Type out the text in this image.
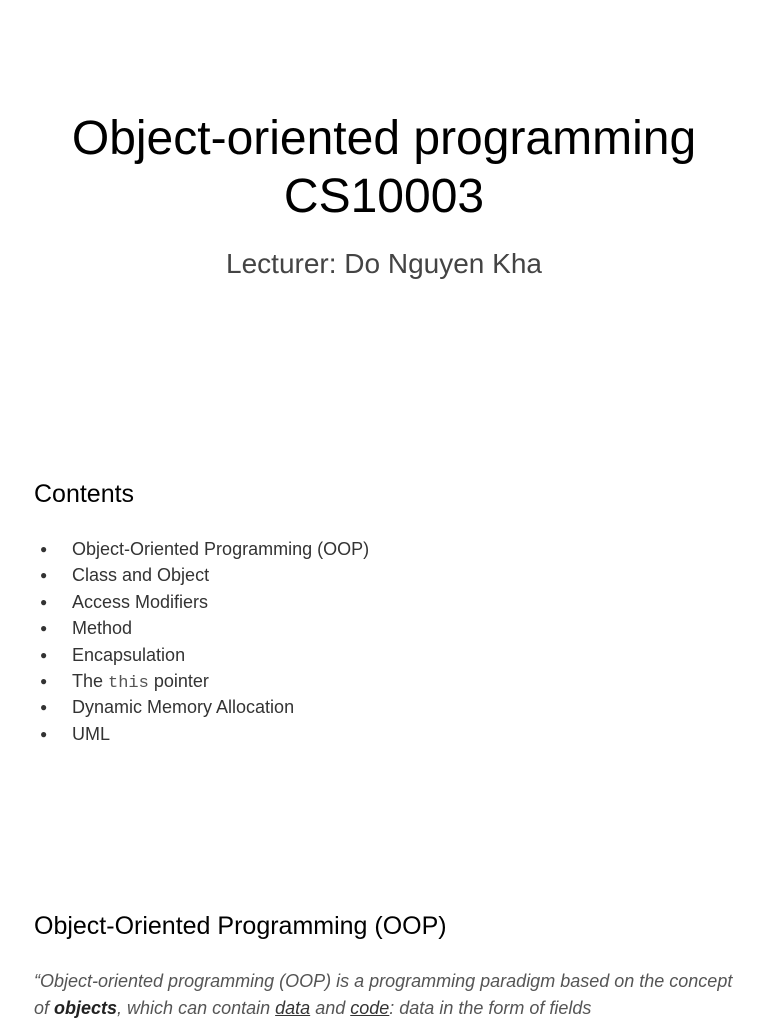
Object-oriented programming
CS10003

Lecturer: Do Nguyen Kha

Contents
● Object-Oriented Programming (OOP)
● Class and Object
● Access Modifiers
● Method
● Encapsulation
● The this pointer
● Dynamic Memory Allocation
● UML
Object-Oriented Programming (OOP)

“Object-oriented programming (OOP) is a programming paradigm based on the concept of objects, which can contain data and code: data in the form of fields
